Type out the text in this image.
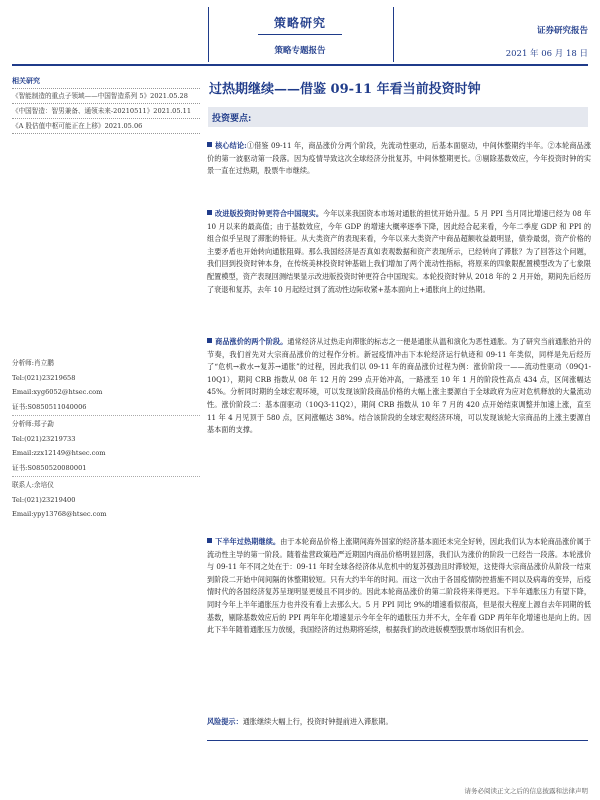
策略研究
策略专题报告
证券研究报告
2021 年 06 月 18 日
相关研究
《智能制造的重点子领域——中国智造系列 5》2021.05.28
《中国智造：智男兼备、通领未来-20210511》2021.05.11
《A 股估值中枢可能正在上移》2021.05.06
分析师:肖立鹏
Tel:(021)23219658
Email:xyg6052@htsec.com
证书:S0850511040006
分析师:郑子勐
Tel:(021)23219733
Email:zzx12149@htsec.com
证书:S0850520080001
联系人:余培仪
Tel:(021)23219400
Email:ypy13768@htsec.com
过热期继续——借鉴 09-11 年看当前投资时钟
投资要点:
核心结论:①借鉴 09-11 年，商品涨价分两个阶段，先流动性驱动，后基本面驱动，中间休整期约半年。②本轮商品涨价的第一波驱动第一段落。因为疫情导致这次全球经济分批复苏，中间休整期更长。③剔除基数效应，今年投资时钟的实景一直在过热期，股票牛市继续。
改进版投资时钟更符合中国现实。今年以来我国资本市场对通胀的担忧开始升温。5 月 PPI 当月同比增速已经为 08 年 10 月以来的最高值；由于基数效应，今年 GDP 的增速大概率逐季下降，因此经合起来看，今年二季度 GDP 和 PPI 的组合似乎呈现了滞胀的特征。从大类资产的表现来看，今年以来大类资产中商品超额收益最明显，债券最弱，资产价格的主要矛盾也开始转向通胀阻碍。那么我国经济是否真如表观数据和资产表现所示，已经转向了滞胀？为了回答这个问题，我们回到投资时钟本身，在传统美林投资时钟基础上我们增加了两个流动性指标，将原来的四象限配置模型改为了七象限配置模型，资产表现回测结果显示改进版投资时钟更符合中国现实。本轮投资时钟从 2018 年的 2 月开始，期间先后经历了衰退和复苏，去年 10 月起经过到了流动性边际收紧+基本面向上+通胀向上的过热期。
商品涨价的两个阶段。通常经济从过热走向滞胀的标志之一便是通胀从温和演化为恶性通胀。为了研究当前通胀抬升的节奏，我们首先对大宗商品涨价的过程作分析。新冠疫情冲击下本轮经济运行轨迹和 09-11 年类似，同样是先后经历了“危机→救水→复苏→通胀”的过程，因此我们以 09-11 年的商品涨价过程为例：涨价阶段一——流动性驱动（09Q1-10Q1），期间 CRB 指数从 08 年 12 月的 299 点开始冲高，一路涨至 10 年 1 月的阶段性高点 434 点，区间涨幅达 45%。分析同时期的全球宏观环境，可以发现该阶段商品价格的大幅上涨主要源自于全球政府为应对危机释放的大量流动性。涨价阶段二：基本面驱动（10Q3-11Q2），期间 CRB 指数从 10 年 7 月的 420 点开始结束调整并加速上涨，直至 11 年 4 月见顶于 580 点，区间涨幅达 38%。结合该阶段的全球宏观经济环境，可以发现该轮大宗商品的上涨主要源自基本面的支撑。
下半年过热期继续。由于本轮商品价格上涨期间海外国家的经济基本面还未完全好转，因此我们认为本轮商品涨价属于流动性主导的第一阶段。随着盐营政策趋严近期国内商品价格明显回落，我们认为涨价的阶段一已经告一段落。本轮涨价与 09-11 年不同之处在于：09-11 年时全球各经济体从危机中的复苏强劲且时滞较短，这使得大宗商品涨价从阶段一结束到阶段二开始中间间隔的休整期较短。只有大约半年的时间。而这一次由于各国疫情防控措施不同以及病毒的变异，后疫情时代的各国经济复苏呈现明显更缓且不同步的。因此本轮商品涨价的第二阶段将来得更迟。下半年通胀压力有望下降，同时今年上半年通胀压力也并没有看上去那么大。5 月 PPI 同比 9%的增速看似很高，但是很大程度上源自去年同期的低基数，剔除基数效应后的 PPI 两年年化增速显示今年全年的通胀压力并不大，全年看 GDP 两年年化增速也是向上的。因此下半年随着通胀压力放缓，我国经济的过热期将延续，根据我们的改进版模型股票市场依旧有机会。
风险提示：通胀继续大幅上行，投资时钟提前进入滞胀期。
请务必阅读正文之后的信息披露和法律声明
